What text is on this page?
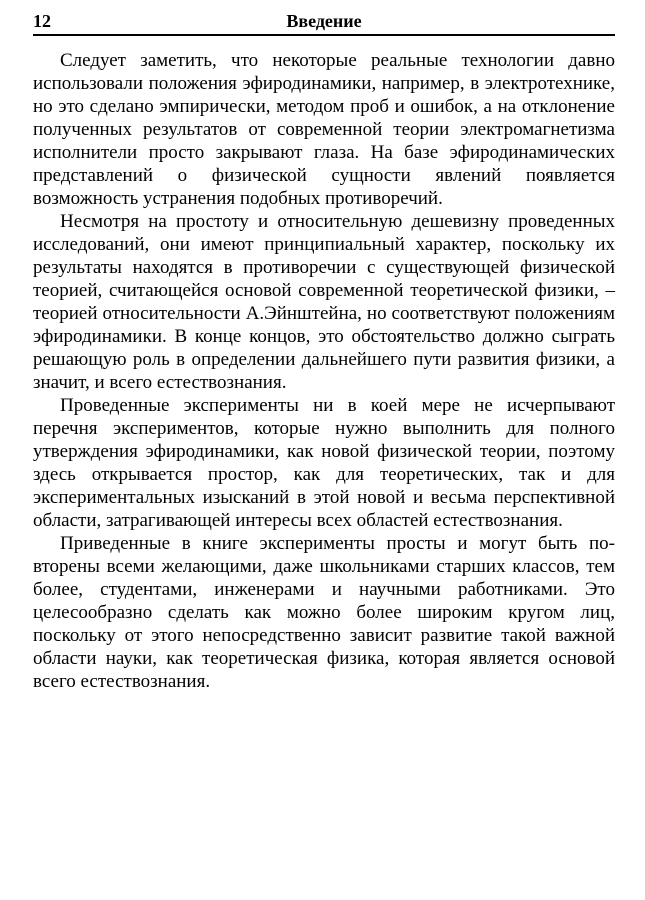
12	Введение

Следует заметить, что некоторые реальные технологии давно использовали положения эфиродинамики, например, в электротехнике, но это сделано эмпирически, методом проб и ошибок, а на отклонение полученных результатов от современной теории электромагнетизма исполнители просто закрывают глаза. На базе эфиродинамических представлений о физической сущности явлений появляется возможность устранения подобных противоречий.

Несмотря на простоту и относительную дешевизну проведенных исследований, они имеют принципиальный характер, поскольку их результаты находятся в противоречии с существующей физической теорией, считающейся основой современной теоретической физики, – теорией относительности А.Эйнштейна, но соответствуют положениям эфиродинамики. В конце концов, это обстоятельство должно сыграть решающую роль в определении дальнейшего пути развития физики, а значит, и всего естествознания.

Проведенные эксперименты ни в коей мере не исчерпывают перечня экспериментов, которые нужно выполнить для полного утверждения эфиродинамики, как новой физической теории, поэтому здесь открывается простор, как для теоретических, так и для экспериментальных изысканий в этой новой и весьма перспективной области, затрагивающей интересы всех областей естествознания.

Приведенные в книге эксперименты просты и могут быть повторены всеми желающими, даже школьниками старших классов, тем более, студентами, инженерами и научными работниками. Это целесообразно сделать как можно более широким кругом лиц, поскольку от этого непосредственно зависит развитие такой важной области науки, как теоретическая физика, которая является основой всего естествознания.
